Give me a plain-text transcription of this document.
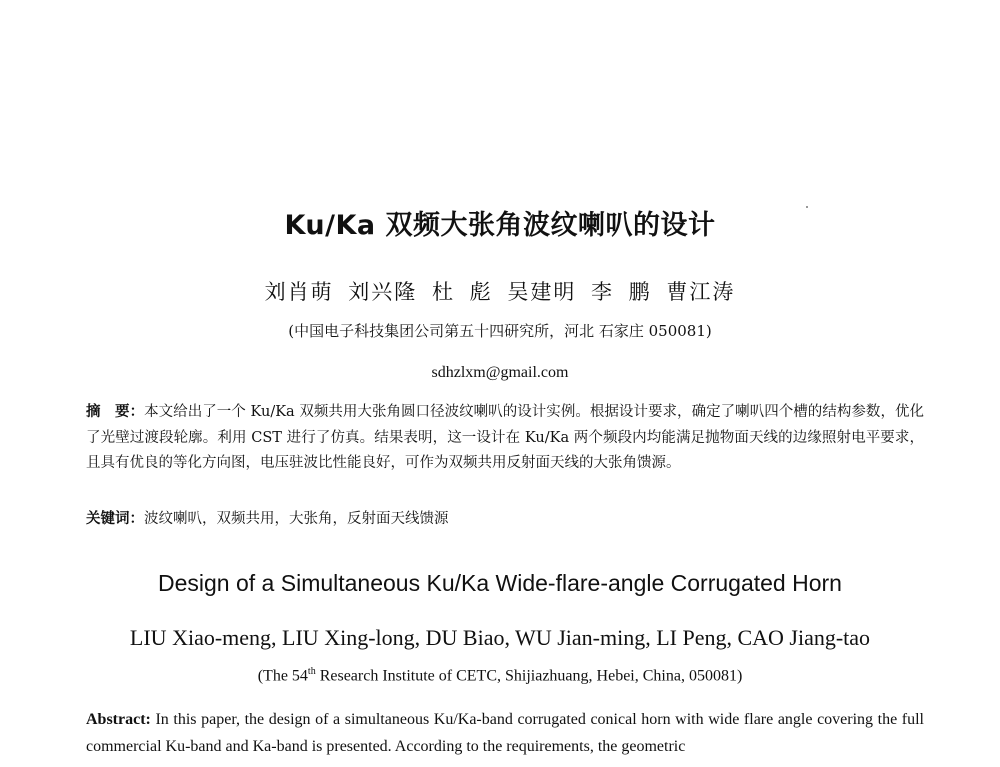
Ku/Ka 双频大张角波纹喇叭的设计
刘肖萌 刘兴隆 杜 彪 吴建明 李 鹏 曹江涛
(中国电子科技集团公司第五十四研究所，河北 石家庄 050081)
sdhzlxm@gmail.com
摘　要：本文给出了一个 Ku/Ka 双频共用大张角圆口径波纹喇叭的设计实例。根据设计要求，确定了喇叭四个槽的结构参数，优化了光壁过渡段轮廓。利用 CST 进行了仿真。结果表明，这一设计在 Ku/Ka 两个频段内均能满足抛物面天线的边缘照射电平要求，且具有优良的等化方向图，电压驻波比性能良好，可作为双频共用反射面天线的大张角馈源。
关键词：波纹喇叭，双频共用，大张角，反射面天线馈源
Design of a Simultaneous Ku/Ka Wide-flare-angle Corrugated Horn
LIU Xiao-meng, LIU Xing-long, DU Biao, WU Jian-ming, LI Peng, CAO Jiang-tao
(The 54th Research Institute of CETC, Shijiazhuang, Hebei, China, 050081)
Abstract: In this paper, the design of a simultaneous Ku/Ka-band corrugated conical horn with wide flare angle covering the full commercial Ku-band and Ka-band is presented. According to the requirements, the geometric
